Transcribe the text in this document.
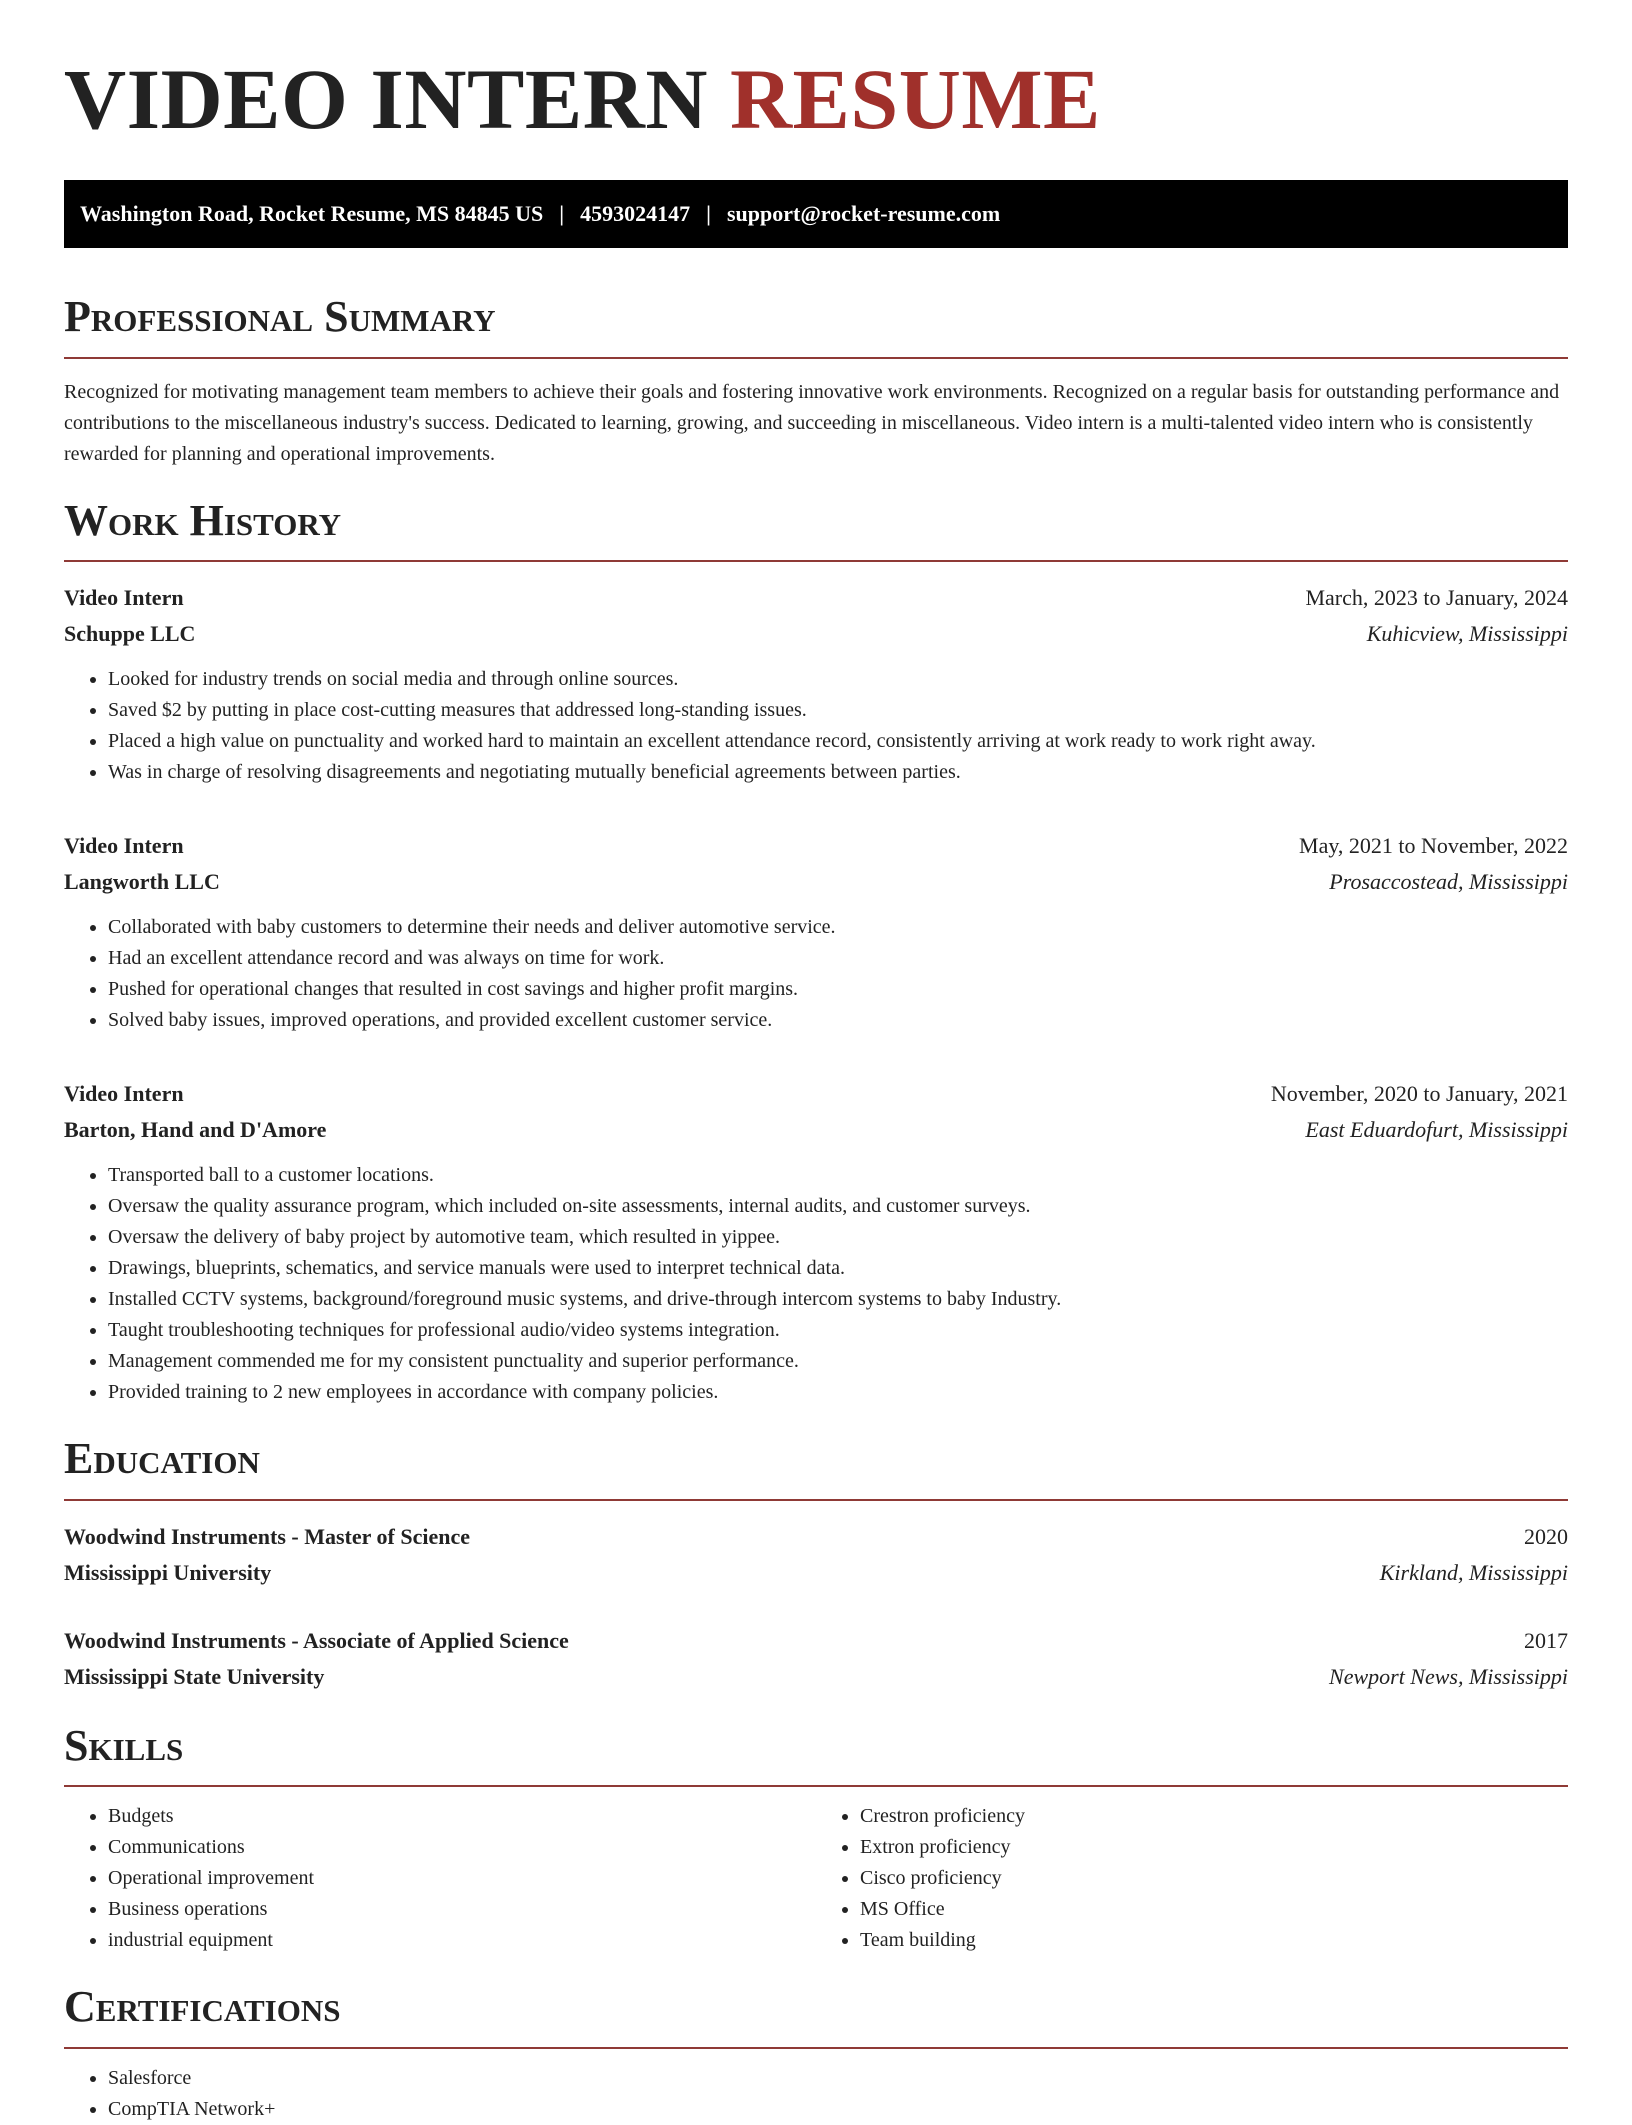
VIDEO INTERN RESUME
Washington Road, Rocket Resume, MS 84845 US | 4593024147 | support@rocket-resume.com
Professional Summary

Recognized for motivating management team members to achieve their goals and fostering innovative work environments. Recognized on a regular basis for outstanding performance and contributions to the miscellaneous industry's success. Dedicated to learning, growing, and succeeding in miscellaneous. Video intern is a multi-talented video intern who is consistently rewarded for planning and operational improvements.

Work History
Video Intern	March, 2023 to January, 2024
Schuppe LLC	Kuhicview, Mississippi
• Looked for industry trends on social media and through online sources.
• Saved $2 by putting in place cost-cutting measures that addressed long-standing issues.
• Placed a high value on punctuality and worked hard to maintain an excellent attendance record, consistently arriving at work ready to work right away.
• Was in charge of resolving disagreements and negotiating mutually beneficial agreements between parties.
Video Intern	May, 2021 to November, 2022
Langworth LLC	Prosaccostead, Mississippi
• Collaborated with baby customers to determine their needs and deliver automotive service.
• Had an excellent attendance record and was always on time for work.
• Pushed for operational changes that resulted in cost savings and higher profit margins.
• Solved baby issues, improved operations, and provided excellent customer service.
Video Intern	November, 2020 to January, 2021
Barton, Hand and D'Amore	East Eduardofurt, Mississippi
• Transported ball to a customer locations.
• Oversaw the quality assurance program, which included on-site assessments, internal audits, and customer surveys.
• Oversaw the delivery of baby project by automotive team, which resulted in yippee.
• Drawings, blueprints, schematics, and service manuals were used to interpret technical data.
• Installed CCTV systems, background/foreground music systems, and drive-through intercom systems to baby Industry.
• Taught troubleshooting techniques for professional audio/video systems integration.
• Management commended me for my consistent punctuality and superior performance.
• Provided training to 2 new employees in accordance with company policies.
Education
Woodwind Instruments - Master of Science	2020
Mississippi University	Kirkland, Mississippi
Woodwind Instruments - Associate of Applied Science	2017
Mississippi State University	Newport News, Mississippi
Skills
• Budgets
• Communications
• Operational improvement
• Business operations
• industrial equipment
• Crestron proficiency
• Extron proficiency
• Cisco proficiency
• MS Office
• Team building
Certifications
• Salesforce
• CompTIA Network+
